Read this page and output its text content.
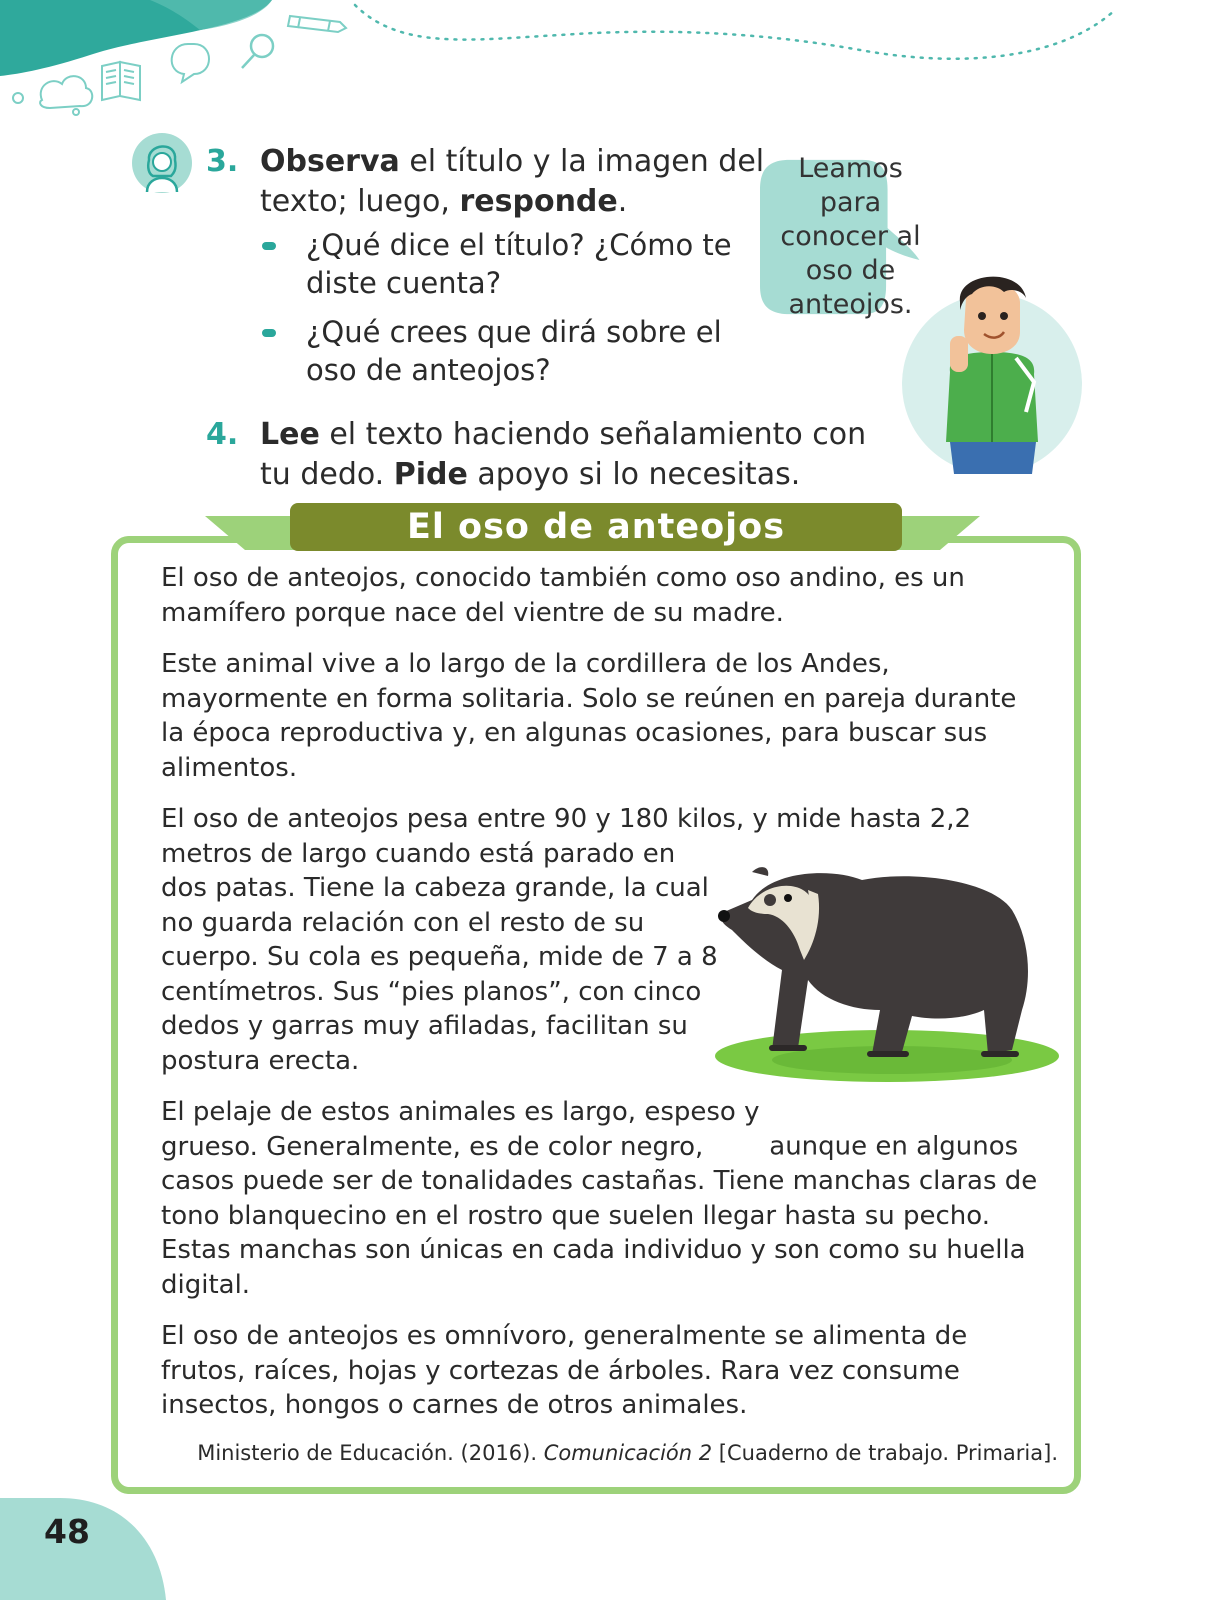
3. Observa el título y la imagen del texto; luego, responde.
¿Qué dice el título? ¿Cómo te diste cuenta?
¿Qué crees que dirá sobre el oso de anteojos?
4. Lee el texto haciendo señalamiento con tu dedo. Pide apoyo si lo necesitas.
Leamos para conocer al oso de anteojos.
El oso de anteojos

El oso de anteojos, conocido también como oso andino, es un mamífero porque nace del vientre de su madre.

Este animal vive a lo largo de la cordillera de los Andes, mayormente en forma solitaria. Solo se reúnen en pareja durante la época reproductiva y, en algunas ocasiones, para buscar sus alimentos.

El oso de anteojos pesa entre 90 y 180 kilos, y mide hasta 2,2
metros de largo cuando está parado en dos patas. Tiene la cabeza grande, la cual no guarda relación con el resto de su cuerpo. Su cola es pequeña, mide de 7 a 8 centímetros. Sus “pies planos”, con cinco dedos y garras muy afiladas, facilitan su postura erecta.

El pelaje de estos animales es largo, espeso y grueso. Generalmente, es de color negro,	aunque en algunos casos puede ser de tonalidades castañas. Tiene manchas claras de tono blanquecino en el rostro que suelen llegar hasta su pecho. Estas manchas son únicas en cada individuo y son como su huella digital.

El oso de anteojos es omnívoro, generalmente se alimenta de frutos, raíces, hojas y cortezas de árboles. Rara vez consume insectos, hongos o carnes de otros animales.

Ministerio de Educación. (2016). Comunicación 2 [Cuaderno de trabajo. Primaria].
48
